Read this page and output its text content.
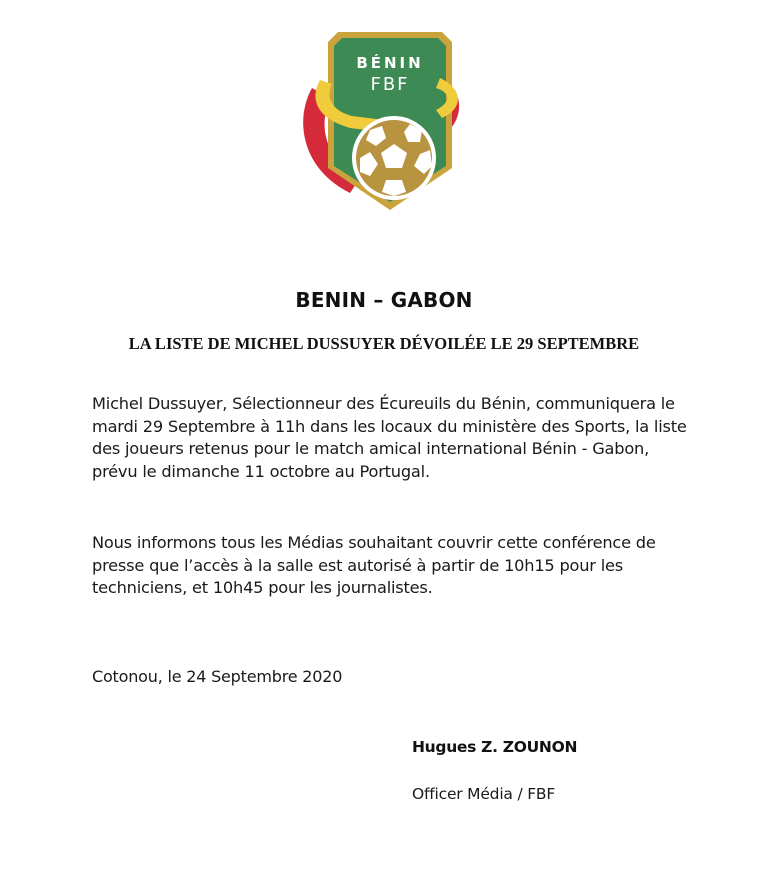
BÉNIN
FBF
BENIN – GABON
LA LISTE DE MICHEL DUSSUYER DÉVOILÉE LE 29 SEPTEMBRE
Michel Dussuyer, Sélectionneur des Écureuils du Bénin, communiquera le mardi 29 Septembre à 11h dans les locaux du ministère des Sports, la liste des joueurs retenus pour le match amical international Bénin - Gabon, prévu le dimanche 11 octobre au Portugal.
Nous informons tous les Médias souhaitant couvrir cette conférence de presse que l’accès à la salle est autorisé à partir de 10h15 pour les techniciens, et 10h45 pour les journalistes.
Cotonou, le 24 Septembre 2020
Hugues Z. ZOUNON
Officer Média / FBF
